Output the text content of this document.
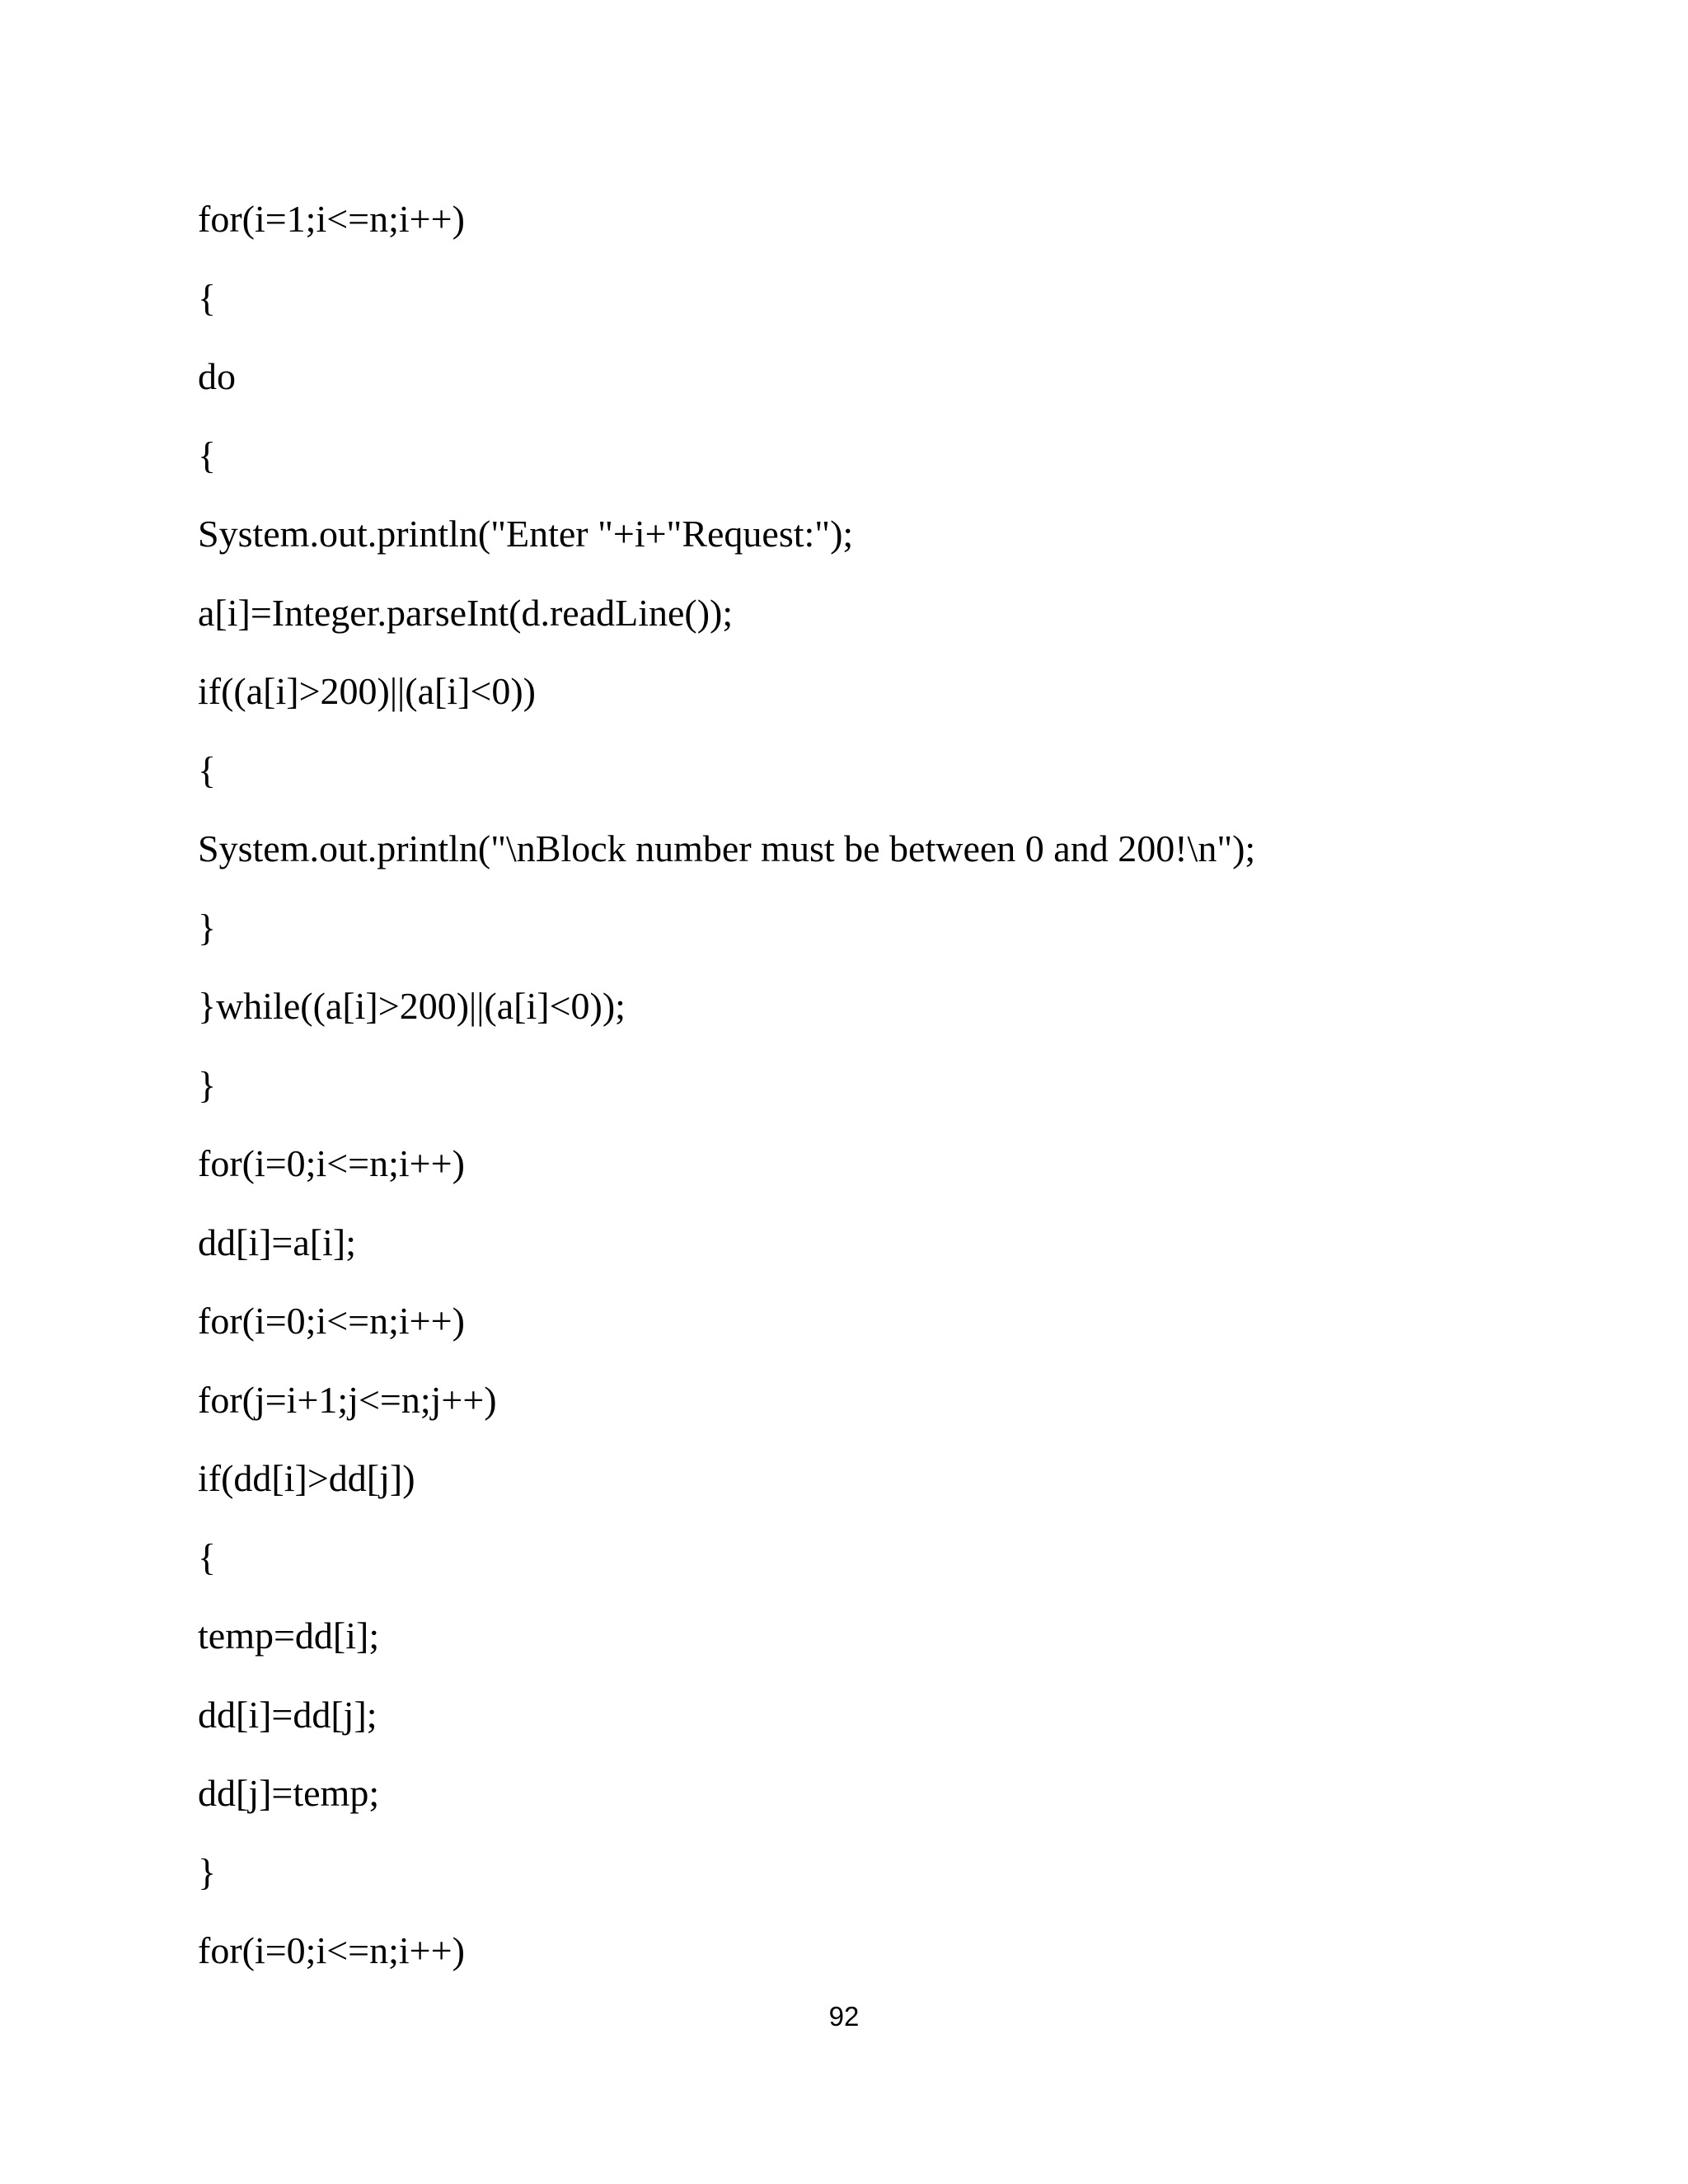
for(i=1;i<=n;i++)
{
do
{
System.out.println("Enter "+i+"Request:");
a[i]=Integer.parseInt(d.readLine());
if((a[i]>200)||(a[i]<0))
{
System.out.println("\nBlock number must be between 0 and 200!\n");
}
}while((a[i]>200)||(a[i]<0));
}
for(i=0;i<=n;i++)
dd[i]=a[i];
for(i=0;i<=n;i++)
for(j=i+1;j<=n;j++)
if(dd[i]>dd[j])
{
temp=dd[i];
dd[i]=dd[j];
dd[j]=temp;
}
for(i=0;i<=n;i++)
92
